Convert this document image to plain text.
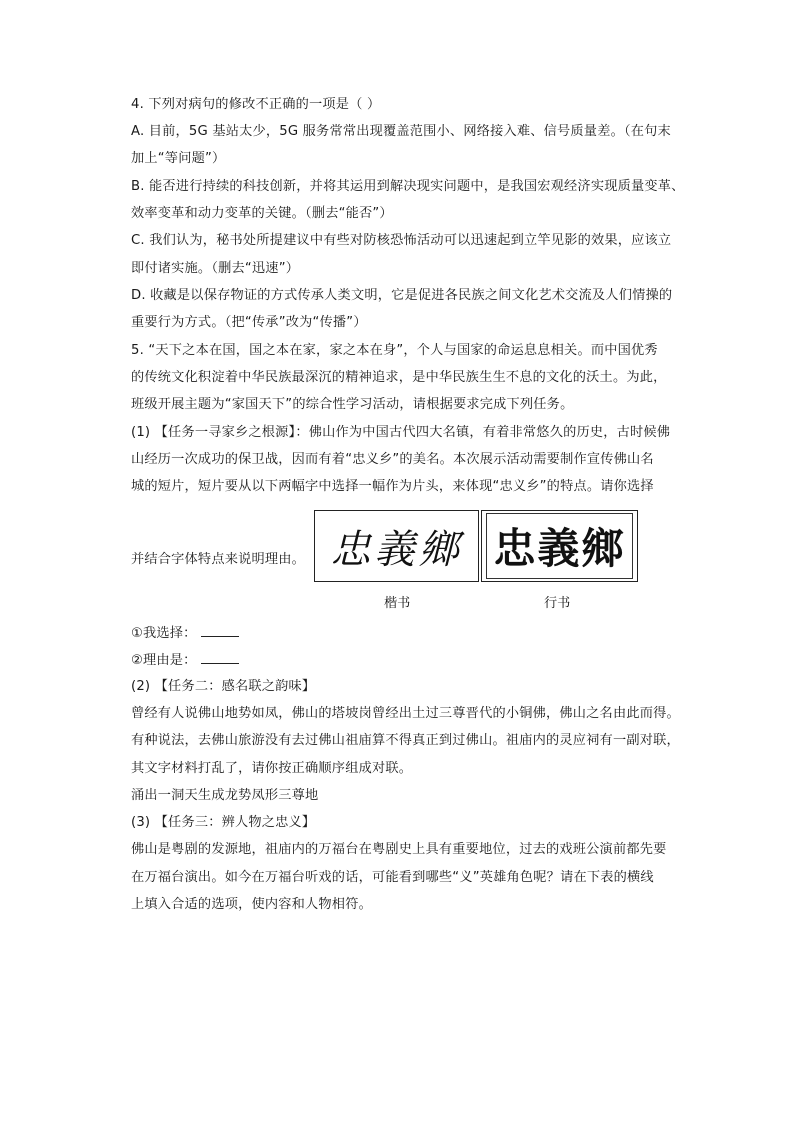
4. 下列对病句的修改不正确的一项是（ ）
A. 目前，5G 基站太少，5G 服务常常出现覆盖范围小、网络接入难、信号质量差。（在句末
加上“等问题”）
B. 能否进行持续的科技创新，并将其运用到解决现实问题中，是我国宏观经济实现质量变革、
效率变革和动力变革的关键。（删去“能否”）
C. 我们认为，秘书处所提建议中有些对防核恐怖活动可以迅速起到立竿见影的效果，应该立
即付诸实施。（删去“迅速”）
D. 收藏是以保存物证的方式传承人类文明，它是促进各民族之间文化艺术交流及人们情操的
重要行为方式。（把“传承”改为“传播”）
5. “天下之本在国，国之本在家，家之本在身”，个人与国家的命运息息相关。而中国优秀
的传统文化积淀着中华民族最深沉的精神追求，是中华民族生生不息的文化的沃土。为此，
班级开展主题为“家国天下”的综合性学习活动，请根据要求完成下列任务。
(1) 【任务一寻家乡之根源】：佛山作为中国古代四大名镇，有着非常悠久的历史，古时候佛
山经历一次成功的保卫战，因而有着“忠义乡”的美名。本次展示活动需要制作宣传佛山名
城的短片，短片要从以下两幅字中选择一幅作为片头，来体现“忠义乡”的特点。请你选择
并结合字体特点来说明理由。 忠義鄉 忠義鄉
楷书	行书
①我选择：
②理由是：
(2) 【任务二：感名联之韵味】
曾经有人说佛山地势如凤，佛山的塔坡岗曾经出土过三尊晋代的小铜佛，佛山之名由此而得。
有种说法，去佛山旅游没有去过佛山祖庙算不得真正到过佛山。祖庙内的灵应祠有一副对联，
其文字材料打乱了，请你按正确顺序组成对联。
涌出一洞天生成龙势凤形三尊地
(3) 【任务三：辨人物之忠义】
佛山是粤剧的发源地，祖庙内的万福台在粤剧史上具有重要地位，过去的戏班公演前都先要
在万福台演出。如今在万福台听戏的话，可能看到哪些“义”英雄角色呢？请在下表的横线
上填入合适的选项，使内容和人物相符。
